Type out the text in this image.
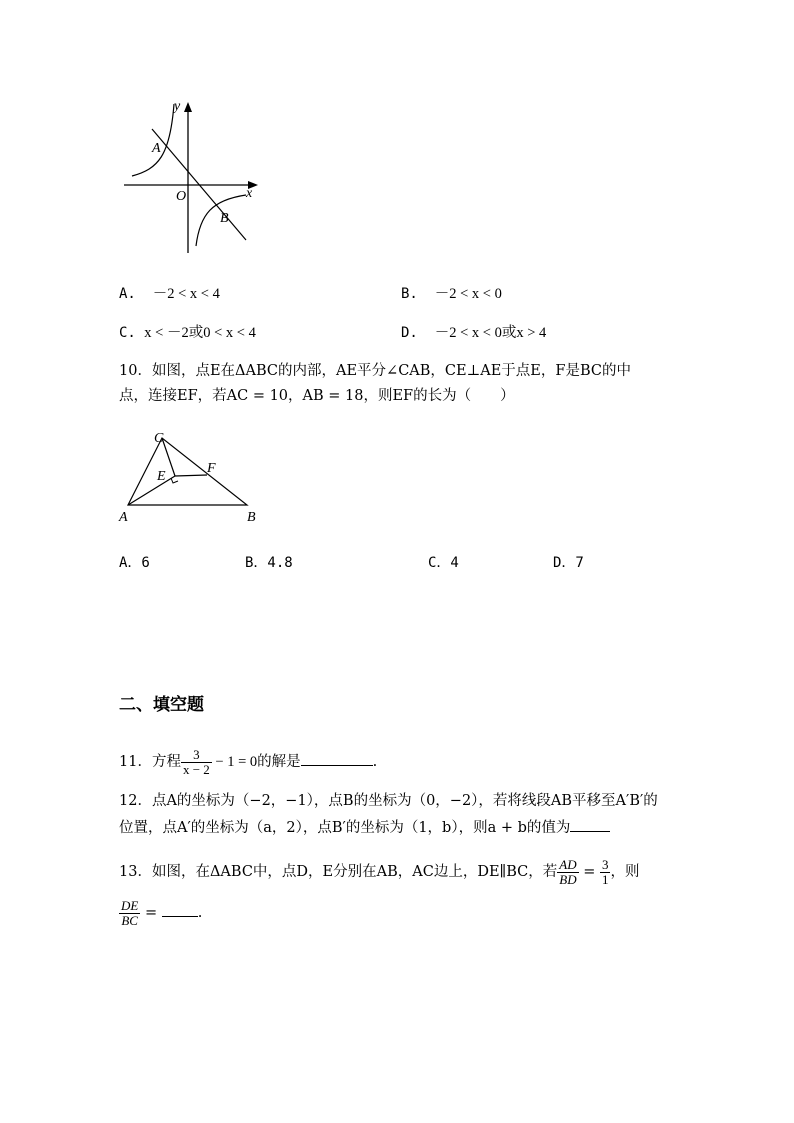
y
x
O
A
B
A. －2 < x < 4	B. －2 < x < 0
C. x < －2或0 < x < 4	D. －2 < x < 0或x > 4
10．如图，点E在ΔABC的内部，AE平分∠CAB，CE⊥AE于点E，F是BC的中
点，连接EF，若AC = 10，AB = 18，则EF的长为（　　）
C
E
F
A	B
A．6	B．4.8	C．4	D．7
二、填空题
11．方程 $\frac{3}{x - 2} - 1 = 0$的解是	.
12．点A的坐标为（−2，−1），点B的坐标为（0，−2），若将线段AB平移至A′B′的
位置，点A′的坐标为（a，2），点B′的坐标为（1，b），则a + b的值为
13．如图，在ΔABC中，点D，E分别在AB，AC边上，DE∥BC，若 $\frac{AD}{BD} = \frac{3}{1}$ ，则
$\frac{DE}{BC}$ = .
